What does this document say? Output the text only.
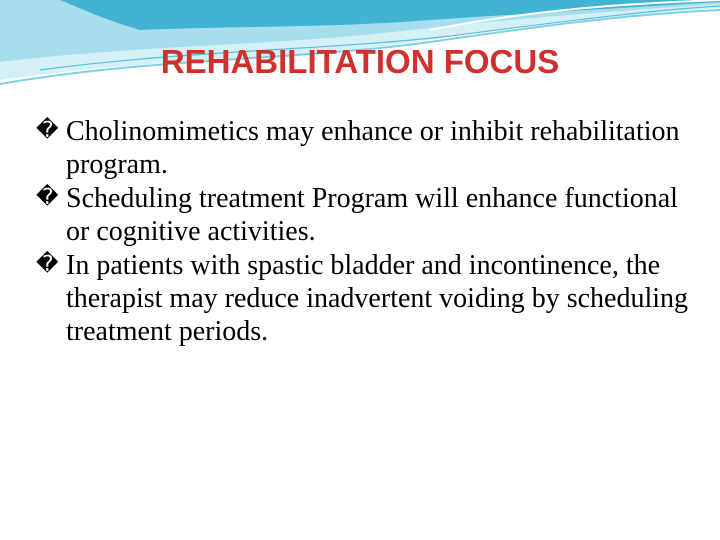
REHABILITATION FOCUS
� Cholinomimetics may enhance or inhibit rehabilitation program.
� Scheduling treatment Program will enhance functional or cognitive activities.
� In patients with spastic bladder and incontinence, the therapist may reduce inadvertent voiding by scheduling treatment periods.
